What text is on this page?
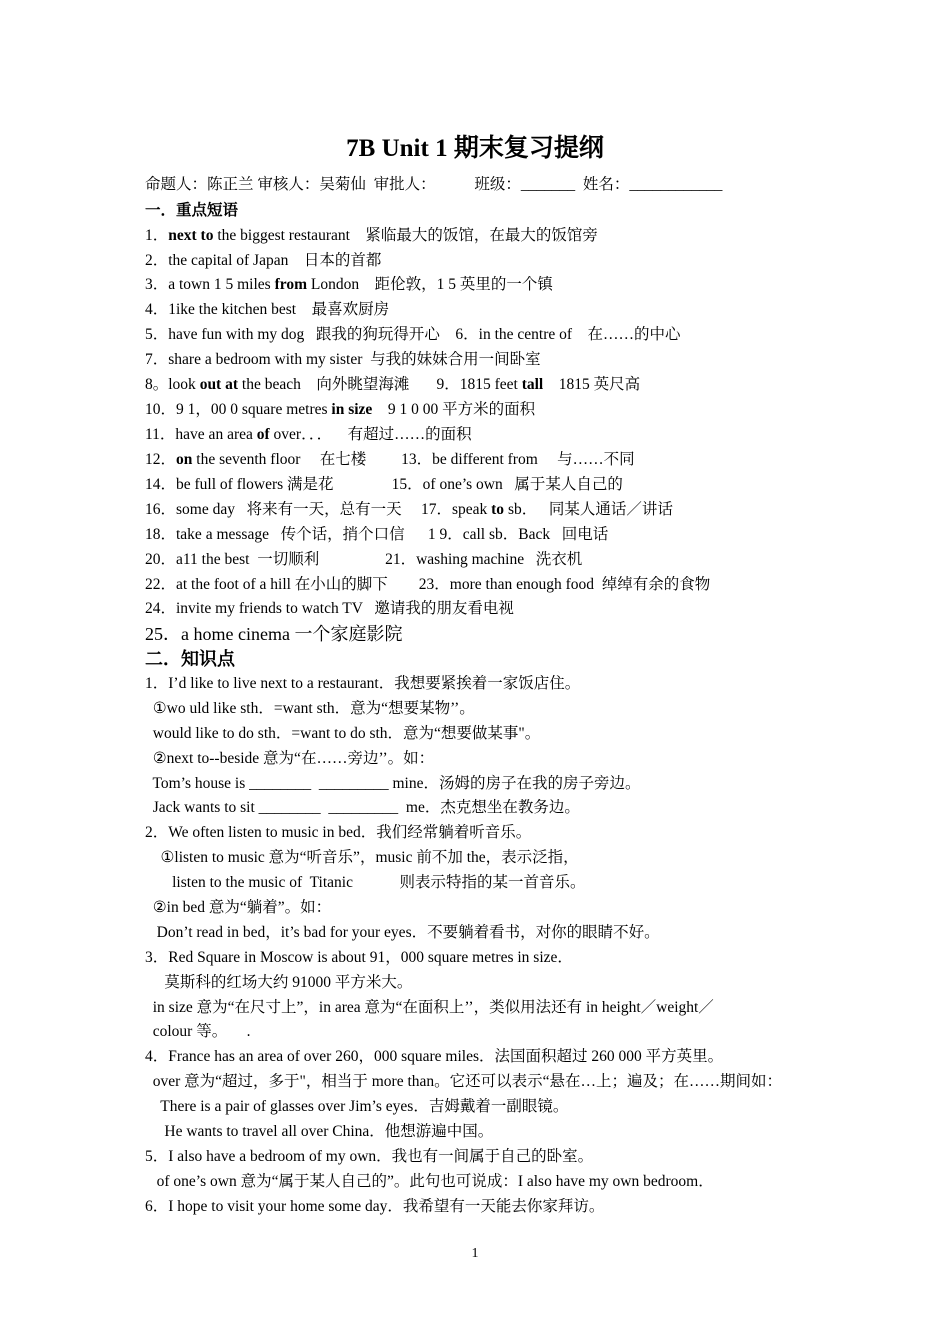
7B Unit 1 期末复习提纲
命题人：陈正兰 审核人：吴菊仙  审批人：          班级：_______  姓名：____________
一．重点短语
1．next to the biggest restaurant    紧临最大的饭馆，在最大的饭馆旁
2．the capital of Japan    日本的首都
3．a town 1 5 miles from London    距伦敦，1 5 英里的一个镇
4．1ike the kitchen best    最喜欢厨房
5．have fun with my dog   跟我的狗玩得开心    6．in the centre of    在……的中心
7．share a bedroom with my sister  与我的妹妹合用一间卧室
8。look out at the beach    向外眺望海滩       9．1815 feet tall    1815 英尺高
10．9 1，00 0 square metres in size    9 1 0 00 平方米的面积
11．have an area of over．．．    有超过……的面积
12．on the seventh floor     在七楼         13．be different from     与……不同
14．be full of flowers 满是花               15．of one’s own   属于某人自己的
16．some day   将来有一天，总有一天     17．speak to sb．   同某人通话／讲话
18．take a message   传个话，捎个口信      1 9．call sb．Back   回电话
20．a11 the best  一切顺利                 21．washing machine   洗衣机
22．at the foot of a hill 在小山的脚下        23．more than enough food  绰绰有余的食物
24．invite my friends to watch TV   邀请我的朋友看电视
25．a home cinema 一个家庭影院
二．知识点
1．I’d like to live next to a restaurant．我想要紧挨着一家饭店住。
①wo uld like sth．=want sth．意为“想要某物’’。
would like to do sth．=want to do sth．意为“想要做某事"。
②next to--beside 意为“在……旁边’’。如：
Tom’s house is ________  _________ mine．汤姆的房子在我的房子旁边。
Jack wants to sit ________  _________  me．杰克想坐在教务边。
2．We often listen to music in bed．我们经常躺着听音乐。
①listen to music 意为“听音乐”，music 前不加 the，表示泛指，
listen to the music of  Titanic            则表示特指的某一首音乐。
②in bed 意为“躺着”。如：
Don’t read in bed，it’s bad for your eyes．不要躺着看书，对你的眼睛不好。
3．Red Square in Moscow is about 91，000 square metres in size．
莫斯科的红场大约 91000 平方米大。
in size 意为“在尺寸上”，in area 意为“在面积上’’，类似用法还有 in height／weight／
colour 等。     .
4．France has an area of over 260，000 square miles．法国面积超过 260 000 平方英里。
over 意为“超过，多于"，相当于 more than。它还可以表示“悬在…上；遍及；在……期间如：
There is a pair of glasses over Jim’s eyes．吉姆戴着一副眼镜。
He wants to travel all over China．他想游遍中国。
5．I also have a bedroom of my own．我也有一间属于自己的卧室。
of one’s own 意为“属于某人自己的”。此句也可说成：I also have my own bedroom．
6．I hope to visit your home some day．我希望有一天能去你家拜访。
1
